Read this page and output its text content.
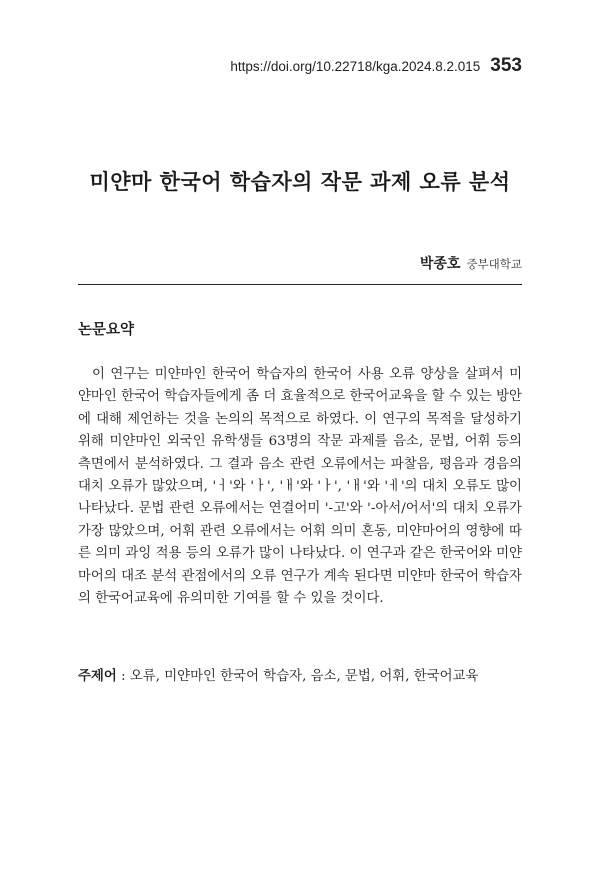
https://doi.org/10.22718/kga.2024.8.2.015 353
미얀마 한국어 학습자의 작문 과제 오류 분석
박종호 중부대학교
논문요약

이 연구는 미얀마인 한국어 학습자의 한국어 사용 오류 양상을 살펴서 미얀마인 한국어 학습자들에게 좀 더 효율적으로 한국어교육을 할 수 있는 방안에 대해 제언하는 것을 논의의 목적으로 하였다. 이 연구의 목적을 달성하기 위해 미얀마인 외국인 유학생들 63명의 작문 과제를 음소, 문법, 어휘 등의 측면에서 분석하였다. 그 결과 음소 관련 오류에서는 파찰음, 평음과 경음의 대치 오류가 많았으며, 'ㅓ'와 'ㅏ', 'ㅐ'와 'ㅏ', 'ㅐ'와 'ㅔ'의 대치 오류도 많이 나타났다. 문법 관련 오류에서는 연결어미 '-고'와 '-아서/어서'의 대치 오류가 가장 많았으며, 어휘 관련 오류에서는 어휘 의미 혼동, 미얀마어의 영향에 따른 의미 과잉 적용 등의 오류가 많이 나타났다. 이 연구과 같은 한국어와 미얀마어의 대조 분석 관점에서의 오류 연구가 계속 된다면 미얀마 한국어 학습자의 한국어교육에 유의미한 기여를 할 수 있을 것이다.

주제어 : 오류, 미얀마인 한국어 학습자, 음소, 문법, 어휘, 한국어교육
